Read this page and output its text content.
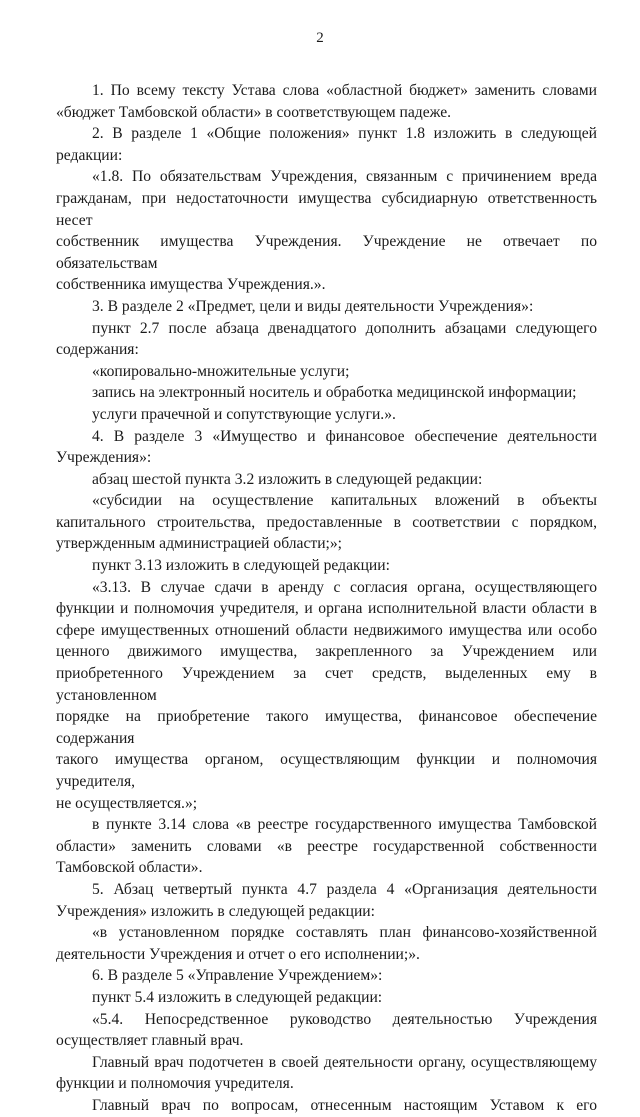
2
1. По всему тексту Устава слова «областной бюджет» заменить словами
«бюджет Тамбовской области» в соответствующем падеже.
2. В разделе 1 «Общие положения» пункт 1.8 изложить в следующей
редакции:
«1.8. По обязательствам Учреждения, связанным с причинением вреда
гражданам, при недостаточности имущества субсидиарную ответственность несет
собственник имущества Учреждения. Учреждение не отвечает по обязательствам
собственника имущества Учреждения.».
3. В разделе 2 «Предмет, цели и виды деятельности Учреждения»:
пункт 2.7 после абзаца двенадцатого дополнить абзацами следующего
содержания:
«копировально-множительные услуги;
запись на электронный носитель и обработка медицинской информации;
услуги прачечной и сопутствующие услуги.».
4. В разделе 3 «Имущество и финансовое обеспечение деятельности
Учреждения»:
абзац шестой пункта 3.2 изложить в следующей редакции:
«субсидии на осуществление капитальных вложений в объекты
капитального строительства, предоставленные в соответствии с порядком,
утвержденным администрацией области;»;
пункт 3.13 изложить в следующей редакции:
«3.13. В случае сдачи в аренду с согласия органа, осуществляющего
функции и полномочия учредителя, и органа исполнительной власти области в
сфере имущественных отношений области недвижимого имущества или особо
ценного движимого имущества, закрепленного за Учреждением или
приобретенного Учреждением за счет средств, выделенных ему в установленном
порядке на приобретение такого имущества, финансовое обеспечение содержания
такого имущества органом, осуществляющим функции и полномочия учредителя,
не осуществляется.»;
в пункте 3.14 слова «в реестре государственного имущества Тамбовской
области» заменить словами «в реестре государственной собственности
Тамбовской области».
5. Абзац четвертый пункта 4.7 раздела 4 «Организация деятельности
Учреждения» изложить в следующей редакции:
«в установленном порядке составлять план финансово-хозяйственной
деятельности Учреждения и отчет о его исполнении;».
6. В разделе 5 «Управление Учреждением»:
пункт 5.4 изложить в следующей редакции:
«5.4. Непосредственное руководство деятельностью Учреждения
осуществляет главный врач.
Главный врач подотчетен в своей деятельности органу, осуществляющему
функции и полномочия учредителя.
Главный врач по вопросам, отнесенным настоящим Уставом к его
